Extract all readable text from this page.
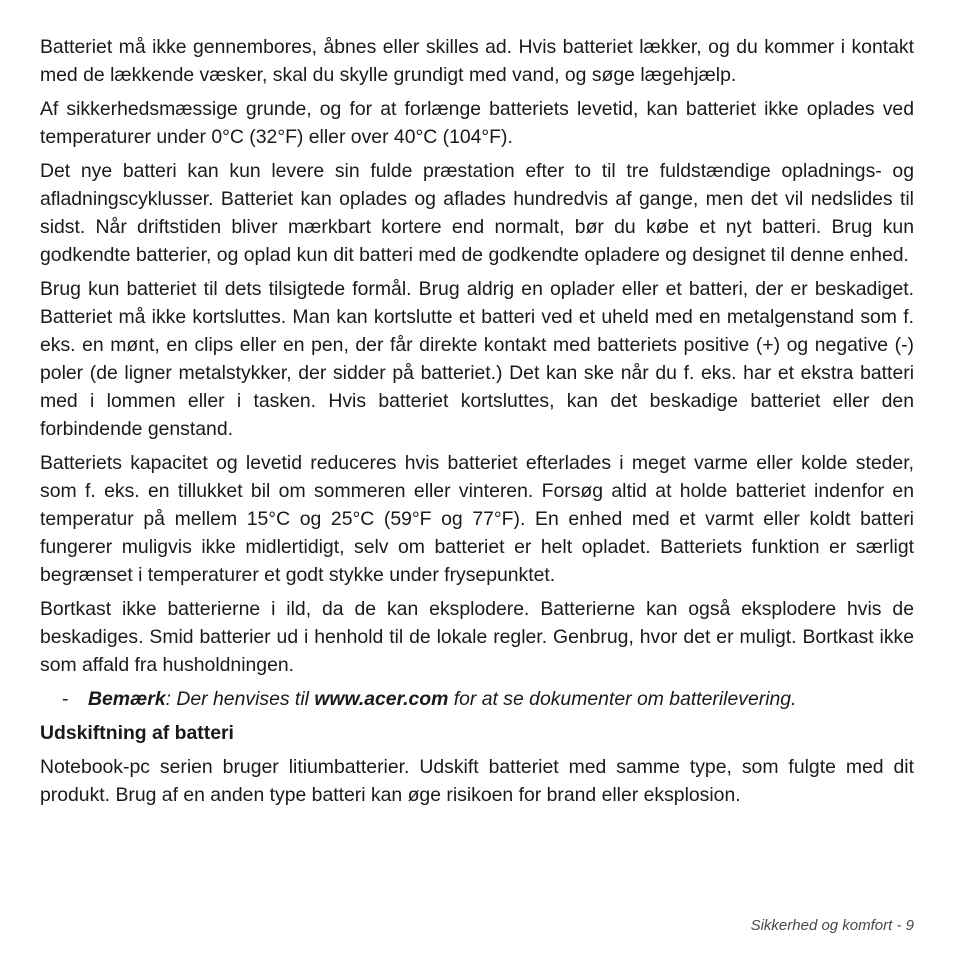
Batteriet må ikke gennembores, åbnes eller skilles ad. Hvis batteriet lækker, og du kommer i kontakt med de lækkende væsker, skal du skylle grundigt med vand, og søge lægehjælp.

Af sikkerhedsmæssige grunde, og for at forlænge batteriets levetid, kan batteriet ikke oplades ved temperaturer under 0°C (32°F) eller over 40°C (104°F).

Det nye batteri kan kun levere sin fulde præstation efter to til tre fuldstændige opladnings- og afladningscyklusser. Batteriet kan oplades og aflades hundredvis af gange, men det vil nedslides til sidst. Når driftstiden bliver mærkbart kortere end normalt, bør du købe et nyt batteri. Brug kun godkendte batterier, og oplad kun dit batteri med de godkendte opladere og designet til denne enhed.

Brug kun batteriet til dets tilsigtede formål. Brug aldrig en oplader eller et batteri, der er beskadiget. Batteriet må ikke kortsluttes. Man kan kortslutte et batteri ved et uheld med en metalgenstand som f. eks. en mønt, en clips eller en pen, der får direkte kontakt med batteriets positive (+) og negative (-) poler (de ligner metalstykker, der sidder på batteriet.) Det kan ske når du f. eks. har et ekstra batteri med i lommen eller i tasken. Hvis batteriet kortsluttes, kan det beskadige batteriet eller den forbindende genstand.

Batteriets kapacitet og levetid reduceres hvis batteriet efterlades i meget varme eller kolde steder, som f. eks. en tillukket bil om sommeren eller vinteren. Forsøg altid at holde batteriet indenfor en temperatur på mellem 15°C og 25°C (59°F og 77°F). En enhed med et varmt eller koldt batteri fungerer muligvis ikke midlertidigt, selv om batteriet er helt opladet. Batteriets funktion er særligt begrænset i temperaturer et godt stykke under frysepunktet.

Bortkast ikke batterierne i ild, da de kan eksplodere. Batterierne kan også eksplodere hvis de beskadiges. Smid batterier ud i henhold til de lokale regler. Genbrug, hvor det er muligt. Bortkast ikke som affald fra husholdningen.

-	Bemærk: Der henvises til www.acer.com for at se dokumenter om batterilevering.
Udskiftning af batteri

Notebook-pc serien bruger litiumbatterier. Udskift batteriet med samme type, som fulgte med dit produkt. Brug af en anden type batteri kan øge risikoen for brand eller eksplosion.

Sikkerhed og komfort - 9
